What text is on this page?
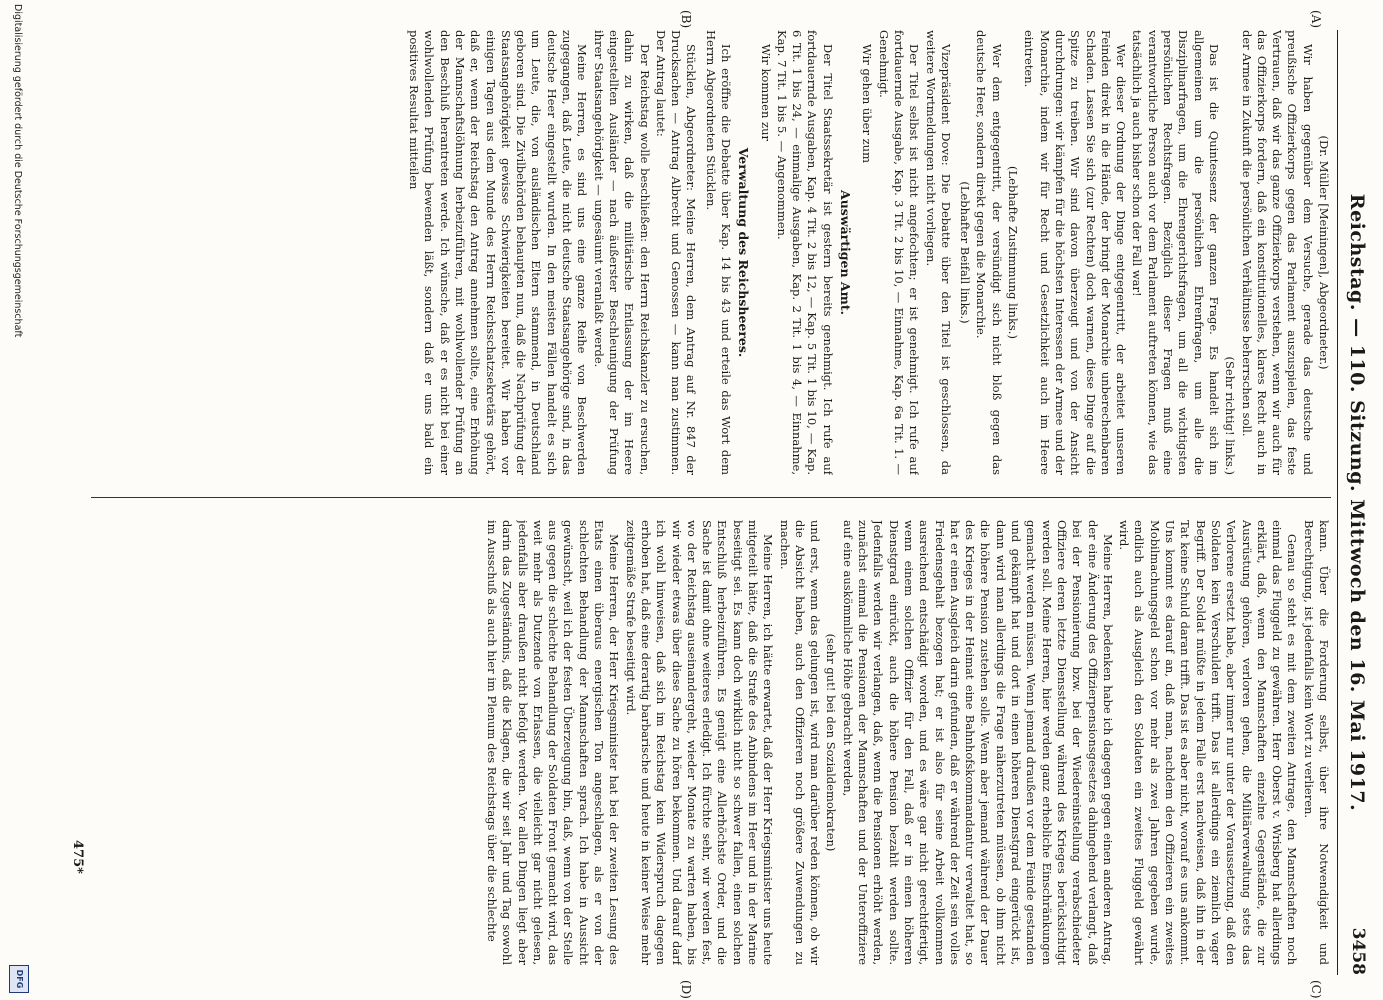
Reichstag. — 110. Sitzung. Mittwoch den 16. Mai 1917.
3458
(A)
(B)
(C)
(D)

(Dr. Müller [Meiningen], Abgeordneter.)

Wir haben gegenüber dem Versuche, gerade das deutsche und preußische Offizierkorps gegen das Parlament auszuspielen, das feste Vertrauen, daß wir das ganze Offizierkorps verstehen, wenn wir auch für das Offizierkorps fordern, daß ein konstitutionelles, klares Recht auch in der Armee in Zukunft die persönlichen Verhältnisse beherrschen soll.

(Sehr richtig! links.)

Das ist die Quintessenz der ganzen Frage. Es handelt sich im allgemeinen um die persönlichen Ehrenfragen, um alle die Disziplinarfragen, um die Ehrengerichtsfragen, um all die wichtigsten persönlichen Rechtsfragen. Bezüglich dieser Fragen muß eine verantwortliche Person auch vor dem Parlament auftreten können, wie das tatsächlich ja auch bisher schon der Fall war!

Wer dieser Ordnung der Dinge entgegentritt, der arbeitet unseren Feinden direkt in die Hände, der bringt der Monarchie unberechenbaren Schaden. Lassen Sie sich (zur Rechten) doch warnen, diese Dinge auf die Spitze zu treiben. Wir sind davon überzeugt und von der Ansicht durchdrungen: wir kämpfen für die höchsten Interessen der Armee und der Monarchie, indem wir für Recht und Gesetzlichkeit auch im Heere eintreten.

(Lebhafte Zustimmung links.)

Wer dem entgegentritt, der versündigt sich nicht bloß gegen das deutsche Heer, sondern direkt gegen die Monarchie.

(Lebhafter Beifall links.)

Vizepräsident Dove: Die Debatte über den Titel ist geschlossen, da weitere Wortmeldungen nicht vorliegen.

Der Titel selbst ist nicht angefochten; er ist genehmigt. Ich rufe auf fortdauernde Ausgabe, Kap. 3 Tit. 2 bis 10, — Einnahme, Kap. 6a Tit. 1. — Genehmigt.

Wir gehen über zum

Auswärtigen Amt.

Der Titel Staatssekretär ist gestern bereits genehmigt. Ich rufe auf fortdauernde Ausgaben, Kap. 4 Tit. 2 bis 12, — Kap. 5 Tit. 1 bis 10, — Kap. 6 Tit. 1 bis 24, — einmalige Ausgaben, Kap. 2 Tit. 1 bis 4, — Einnahme, Kap. 7 Tit. 1 bis 5. — Angenommen.

Wir kommen zur

Verwaltung des Reichsheeres.

Ich eröffne die Debatte über Kap. 14 bis 43 und erteile das Wort dem Herrn Abgeordneten Stücklen.

Stücklen, Abgeordneter: Meine Herren, dem Antrag auf Nr. 847 der Drucksachen — Antrag Albrecht und Genossen — kann man zustimmen. Der Antrag lautet:

Der Reichstag wolle beschließen: den Herrn Reichskanzler zu ersuchen, dahin zu wirken, daß die militärische Entlassung der im Heere eingestellten Ausländer — nach äußerster Beschleunigung der Prüfung ihrer Staatsangehörigkeit — ungesäumt veranlaßt werde.

Meine Herren, es sind uns eine ganze Reihe von Beschwerden zugegangen, daß Leute, die nicht deutsche Staatsangehörige sind, in das deutsche Heer eingestellt wurden. In den meisten Fällen handelt es sich um Leute, die, von ausländischen Eltern stammend, in Deutschland geboren sind. Die Zivilbehörden behaupten nun, daß die Nachprüfung der Staatsangehörigkeit gewisse Schwierigkeiten bereitet. Wir haben vor einigen Tagen aus dem Munde des Herrn Reichsschatzsekretärs gehört, daß er, wenn der Reichstag den Antrag annehmen sollte, eine Erhöhung der Mannschaftslöhnung herbeizuführen, mit wohlwollender Prüfung an den Beschluß herantreten werde. Ich wünsche, daß er es nicht bei einer wohlwollenden Prüfung bewenden läßt, sondern daß er uns bald ein positives Resultat mitteilen

kann. Über die Forderung selbst, über ihre Notwendigkeit und Berechtigung, ist jedenfalls kein Wort zu verlieren.

Genau so steht es mit dem zweiten Antrage, den Mannschaften noch einmal das Fluggeld zu gewähren. Herr Oberst v. Wrisberg hat allerdings erklärt, daß, wenn den Mannschaften einzelne Gegenstände, die zur Ausrüstung gehören, verloren gehen, die Militärverwaltung stets das Verlorene ersetzt habe, aber immer nur unter der Voraussetzung, daß den Soldaten kein Verschulden trifft. Das ist allerdings ein ziemlich vager Begriff. Der Soldat müßte in jedem Falle erst nachweisen, daß ihn in der Tat keine Schuld daran trifft. Das ist es aber nicht, worauf es uns ankommt. Uns kommt es darauf an, daß man, nachdem den Offizieren ein zweites Mobilmachungsgeld schon vor mehr als zwei Jahren gegeben wurde, endlich auch als Ausgleich den Soldaten ein zweites Fluggeld gewährt wird.

Meine Herren, bedenken habe ich dagegen gegen einen anderen Antrag, der eine Änderung des Offizierpensionsgesetzes dahingehend verlangt, daß bei der Pensionierung bzw. bei der Wiedereinstellung verabschiedeter Offiziere deren letzte Diensstellung während des Krieges berücksichtigt werden soll. Meine Herren, hier werden ganz erhebliche Einschränkungen gemacht werden müssen. Wenn jemand draußen vor dem Feinde gestanden und gekämpft hat und dort in einen höheren Dienstgrad eingerückt ist, dann wird man allerdings die Frage näherzutreten müssen, ob ihm nicht die höhere Pension zustehen solle. Wenn aber jemand während der Dauer des Krieges in der Heimat eine Bahnhofskommandantur verwaltet hat, so hat er einen Ausgleich darin gefunden, daß er während der Zeit sein volles Friedensgehalt bezogen hat; er ist also für seine Arbeit vollkommen ausreichend entschädigt worden, und es wäre gar nicht gerechtfertigt, wenn einem solchen Offizier für den Fall, daß er in einen höheren Dienstgrad einrückt, auch die höhere Pension bezahlt werden sollte. Jedenfalls werden wir verlangen, daß, wenn die Pensionen erhöht werden, zunächst einmal die Pensionen der Mannschaften und der Unteroffiziere auf eine auskömmliche Höhe gebracht werden,

(sehr gut! bei den Sozialdemokraten)

und erst, wenn das gelungen ist, wird man darüber reden können, ob wir die Absicht haben, auch den Offizieren noch größere Zuwendungen zu machen.

Meine Herren, ich hätte erwartet, daß der Herr Kriegsminister uns heute mitgeteilt hätte, daß die Strafe des Anbindens im Heer und in der Marine beseitigt sei. Es kann doch wirklich nicht so schwer fallen, einen solchen Entschluß herbeizuführen. Es genügt eine Allerhöchste Order, und die Sache ist damit ohne weiteres erledigt. Ich fürchte sehr, wir werden fest, wo der Reichstag auseinandergeht, wieder Monate zu warten haben, bis wir wieder etwas über diese Sache zu hören bekommen. Und darauf darf ich wohl hinweisen, daß sich im Reichstag kein Widerspruch dagegen erhoben hat, daß eine derartig barbarische und heute in keiner Weise mehr zeitgemäße Strafe beseitigt wird.

Meine Herren, der Herr Kriegsminister hat bei der zweiten Lesung des Etats einen überaus energischen Ton angeschlagen, als er von der schlechten Behandlung der Mannschaften sprach. Ich habe in Aussicht gewünscht, weil ich der festen Überzeugung bin, daß, wenn von der Stelle aus gegen die schlechte Behandlung der Soldaten Front gemacht wird, das weit mehr als Dutzende von Erlassen, die vielleicht gar nicht gelesen, jedenfalls aber draußen nicht befolgt werden. Vor allen Dingen liegt aber darin das Zugeständnis, daß die Klagen, die wir seit Jahr und Tag sowohl im Ausschuß als auch hier im Plenum des Reichstags über die schlechte

475*
Digitalisierung gefördert durch die Deutsche Forschungsgemeinschaft
DFG
